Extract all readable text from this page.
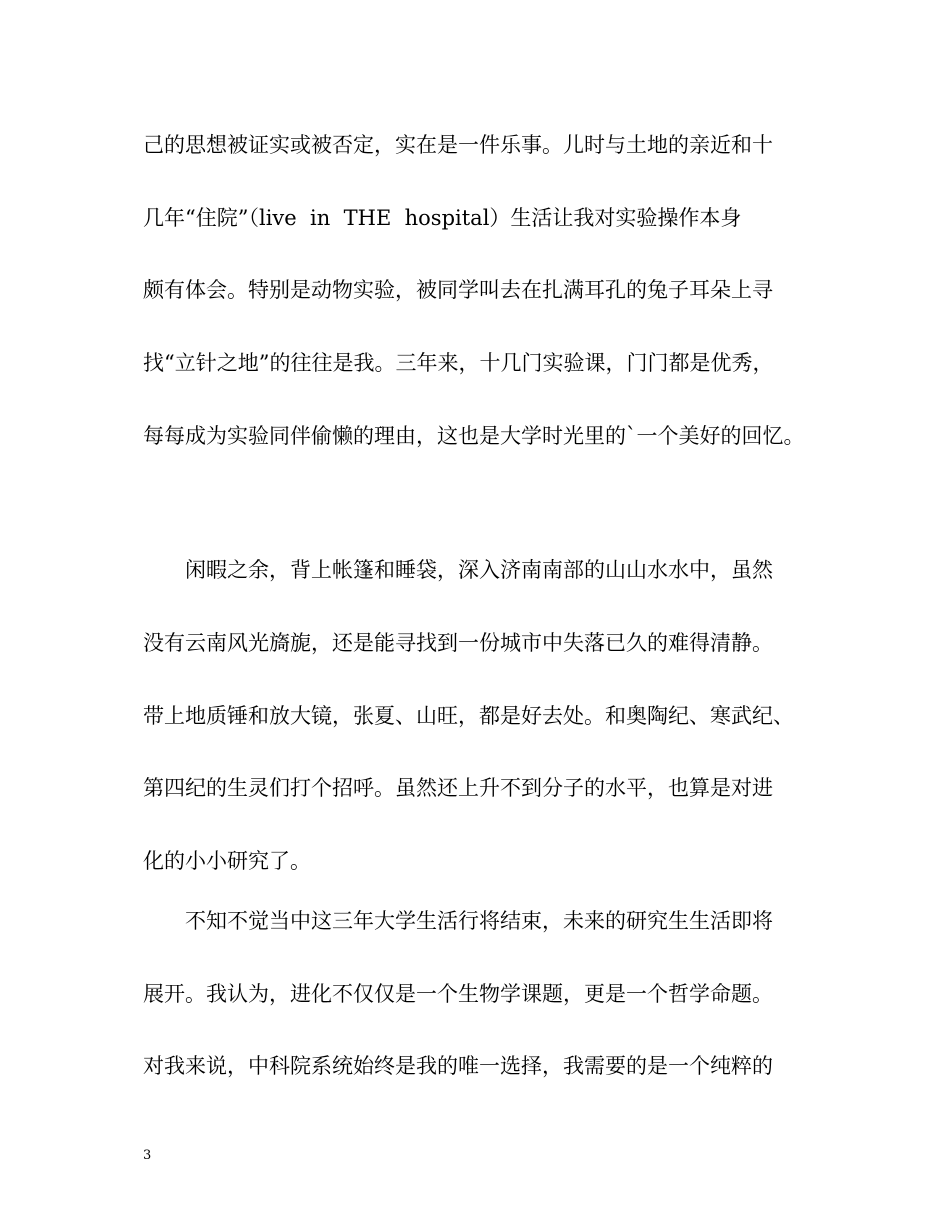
己的思想被证实或被否定，实在是一件乐事。儿时与土地的亲近和十
几年“住院”（live  in  THE  hospital）生活让我对实验操作本身
颇有体会。特别是动物实验，被同学叫去在扎满耳孔的兔子耳朵上寻
找“立针之地”的往往是我。三年来，十几门实验课，门门都是优秀，
每每成为实验同伴偷懒的理由，这也是大学时光里的`一个美好的回忆。
闲暇之余，背上帐篷和睡袋，深入济南南部的山山水水中，虽然
没有云南风光旖旎，还是能寻找到一份城市中失落已久的难得清静。
带上地质锤和放大镜，张夏、山旺，都是好去处。和奥陶纪、寒武纪、
第四纪的生灵们打个招呼。虽然还上升不到分子的水平，也算是对进
化的小小研究了。
不知不觉当中这三年大学生活行将结束，未来的研究生生活即将
展开。我认为，进化不仅仅是一个生物学课题，更是一个哲学命题。
对我来说，中科院系统始终是我的唯一选择，我需要的是一个纯粹的
3
